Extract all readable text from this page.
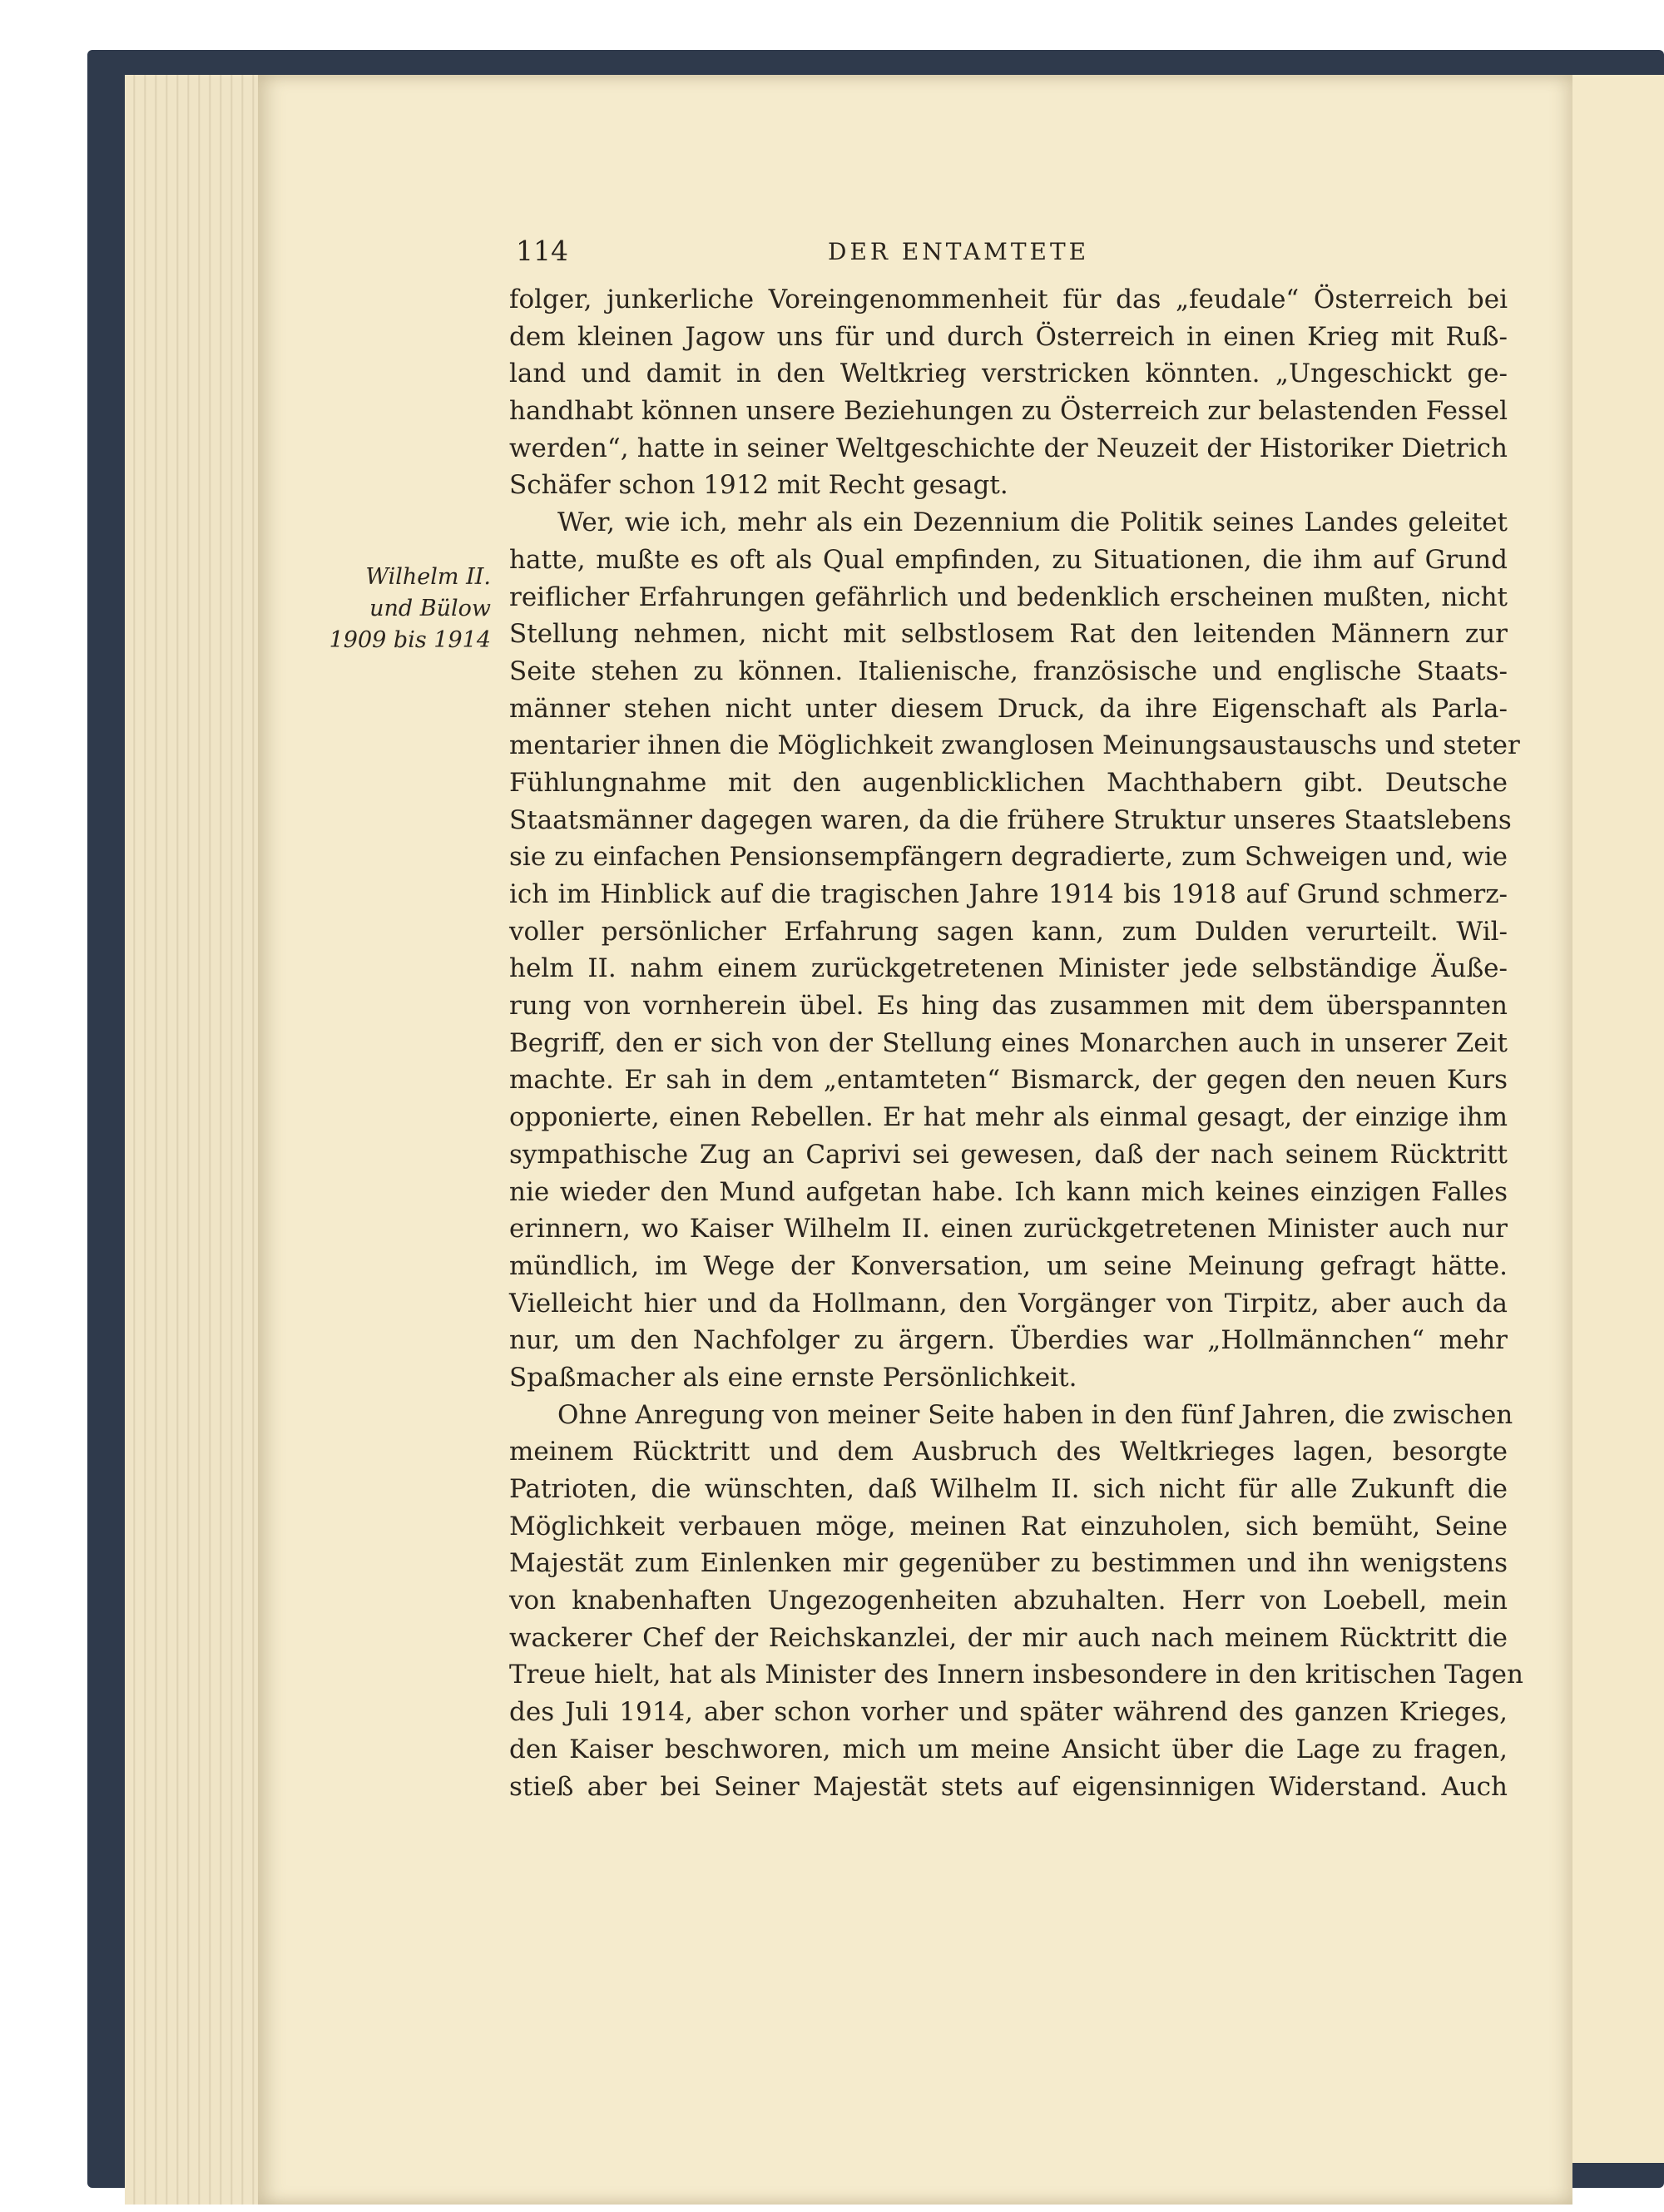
114	DER ENTAMTETE
Wilhelm II.
und Bülow
1909 bis 1914
folger, junkerliche Voreingenommenheit für das „feudale“ Österreich bei
dem kleinen Jagow uns für und durch Österreich in einen Krieg mit Ruß-
land und damit in den Weltkrieg verstricken könnten. „Ungeschickt ge-
handhabt können unsere Beziehungen zu Österreich zur belastenden Fessel
werden“, hatte in seiner Weltgeschichte der Neuzeit der Historiker Dietrich
Schäfer schon 1912 mit Recht gesagt.
Wer, wie ich, mehr als ein Dezennium die Politik seines Landes geleitet
hatte, mußte es oft als Qual empfinden, zu Situationen, die ihm auf Grund
reiflicher Erfahrungen gefährlich und bedenklich erscheinen mußten, nicht
Stellung nehmen, nicht mit selbstlosem Rat den leitenden Männern zur
Seite stehen zu können. Italienische, französische und englische Staats-
männer stehen nicht unter diesem Druck, da ihre Eigenschaft als Parla-
mentarier ihnen die Möglichkeit zwanglosen Meinungsaustauschs und steter
Fühlungnahme mit den augenblicklichen Machthabern gibt. Deutsche
Staatsmänner dagegen waren, da die frühere Struktur unseres Staatslebens
sie zu einfachen Pensionsempfängern degradierte, zum Schweigen und, wie
ich im Hinblick auf die tragischen Jahre 1914 bis 1918 auf Grund schmerz-
voller persönlicher Erfahrung sagen kann, zum Dulden verurteilt. Wil-
helm II. nahm einem zurückgetretenen Minister jede selbständige Äuße-
rung von vornherein übel. Es hing das zusammen mit dem überspannten
Begriff, den er sich von der Stellung eines Monarchen auch in unserer Zeit
machte. Er sah in dem „entamteten“ Bismarck, der gegen den neuen Kurs
opponierte, einen Rebellen. Er hat mehr als einmal gesagt, der einzige ihm
sympathische Zug an Caprivi sei gewesen, daß der nach seinem Rücktritt
nie wieder den Mund aufgetan habe. Ich kann mich keines einzigen Falles
erinnern, wo Kaiser Wilhelm II. einen zurückgetretenen Minister auch nur
mündlich, im Wege der Konversation, um seine Meinung gefragt hätte.
Vielleicht hier und da Hollmann, den Vorgänger von Tirpitz, aber auch da
nur, um den Nachfolger zu ärgern. Überdies war „Hollmännchen“ mehr
Spaßmacher als eine ernste Persönlichkeit.
Ohne Anregung von meiner Seite haben in den fünf Jahren, die zwischen
meinem Rücktritt und dem Ausbruch des Weltkrieges lagen, besorgte
Patrioten, die wünschten, daß Wilhelm II. sich nicht für alle Zukunft die
Möglichkeit verbauen möge, meinen Rat einzuholen, sich bemüht, Seine
Majestät zum Einlenken mir gegenüber zu bestimmen und ihn wenigstens
von knabenhaften Ungezogenheiten abzuhalten. Herr von Loebell, mein
wackerer Chef der Reichskanzlei, der mir auch nach meinem Rücktritt die
Treue hielt, hat als Minister des Innern insbesondere in den kritischen Tagen
des Juli 1914, aber schon vorher und später während des ganzen Krieges,
den Kaiser beschworen, mich um meine Ansicht über die Lage zu fragen,
stieß aber bei Seiner Majestät stets auf eigensinnigen Widerstand. Auch
